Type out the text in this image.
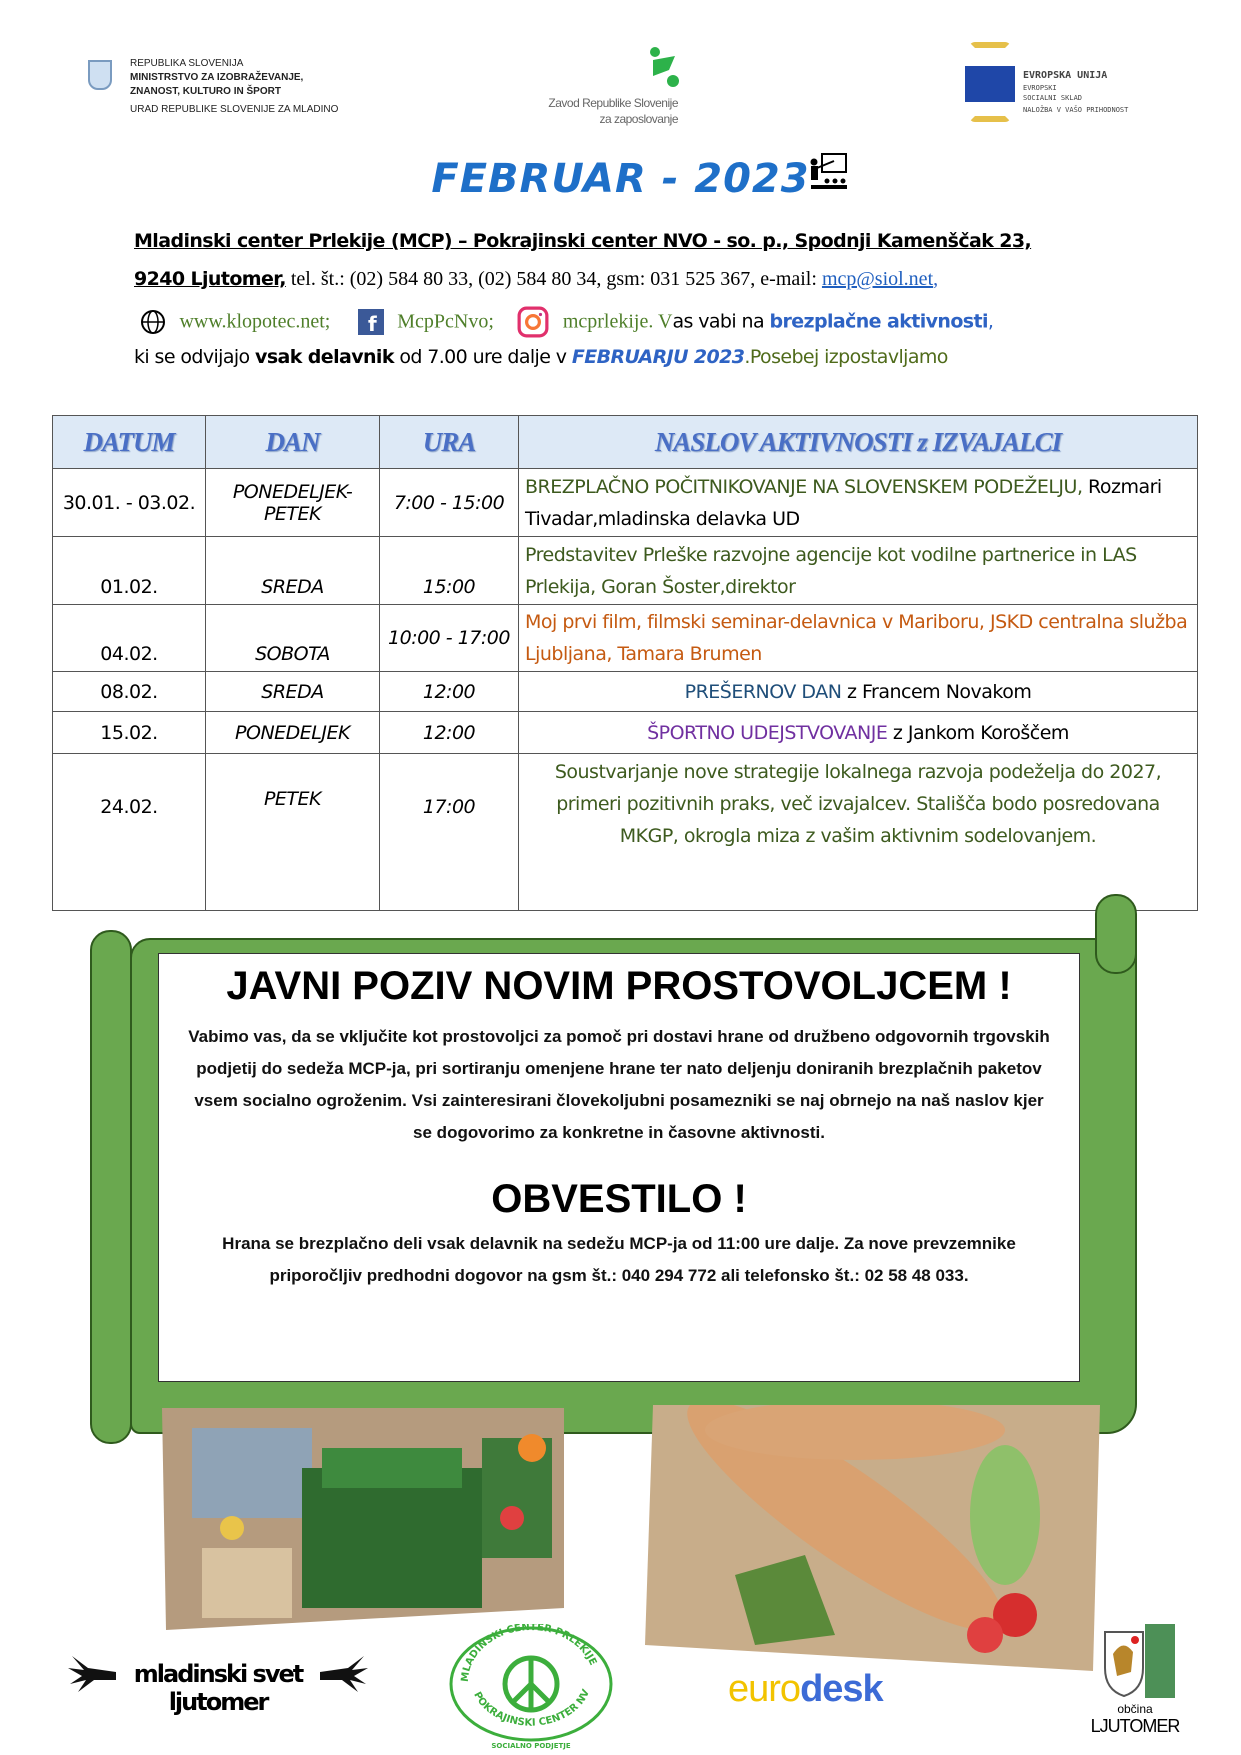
REPUBLIKA SLOVENIJA
MINISTRSTVO ZA IZOBRAŽEVANJE,
ZNANOST, KULTURO IN ŠPORT
URAD REPUBLIKE SLOVENIJE ZA MLADINO	Zavod Republike Slovenije
za zaposlovanje
EVROPSKA UNIJA
EVROPSKI
SOCIALNI SKLAD
NALOŽBA V VAŠO PRIHODNOST
FEBRUAR - 2023
Mladinski center Prlekije (MCP) – Pokrajinski center NVO - so. p., Spodnji Kamenščak 23,
9240 Ljutomer, tel. št.: (02) 584 80 33, (02) 584 80 34, gsm: 031 525 367, e-mail: mcp@siol.net,
www.klopotec.net; f McpPcNvo;	mcprlekije. Vas vabi na brezplačne aktivnosti,
ki se odvijajo vsak delavnik od 7.00 ure dalje v FEBRUARJU 2023.Posebej izpostavljamo
DATUM	DAN	URA	NASLOV AKTIVNOSTI z IZVAJALCI
30.01. - 03.02.	PONEDELJEK-PETEK	7:00 - 15:00	BREZPLAČNO POČITNIKOVANJE NA SLOVENSKEM PODEŽELJU, Rozmari Tivadar,mladinska delavka UD
01.02.	SREDA	15:00	Predstavitev Prleške razvojne agencije kot vodilne partnerice in LAS Prlekija, Goran Šoster,direktor
04.02.	SOBOTA	10:00 - 17:00	Moj prvi film, filmski seminar-delavnica v Mariboru, JSKD centralna služba Ljubljana, Tamara Brumen
08.02.	SREDA	12:00	PREŠERNOV DAN z Francem Novakom
15.02.	PONEDELJEK	12:00	ŠPORTNO UDEJSTVOVANJE z Jankom Koroščem
24.02.	PETEK	17:00	Soustvarjanje nove strategije lokalnega razvoja podeželja do 2027, primeri pozitivnih praks, več izvajalcev. Stališča bodo posredovana MKGP, okrogla miza z vašim aktivnim sodelovanjem.
JAVNI POZIV NOVIM PROSTOVOLJCEM !

Vabimo vas, da se vključite kot prostovoljci za pomoč pri dostavi hrane od družbeno odgovornih trgovskih podjetij do sedeža MCP-ja, pri sortiranju omenjene hrane ter nato deljenju doniranih brezplačnih paketov vsem socialno ogroženim. Vsi zainteresirani človekoljubni posamezniki se naj obrnejo na naš naslov kjer se dogovorimo za konkretne in časovne aktivnosti.

OBVESTILO !

Hrana se brezplačno deli vsak delavnik na sedežu MCP-ja od 11:00 ure dalje. Za nove prevzemnike priporočljiv predhodni dogovor na gsm št.: 040 294 772 ali telefonsko št.: 02 58 48 033.

mladinski svet
ljutomer
MLADINSKI CENTER PRLEKIJE
POKRAJINSKI CENTER NV
SOCIALNO PODJETJE
eurodesk	občina
LJUTOMER
